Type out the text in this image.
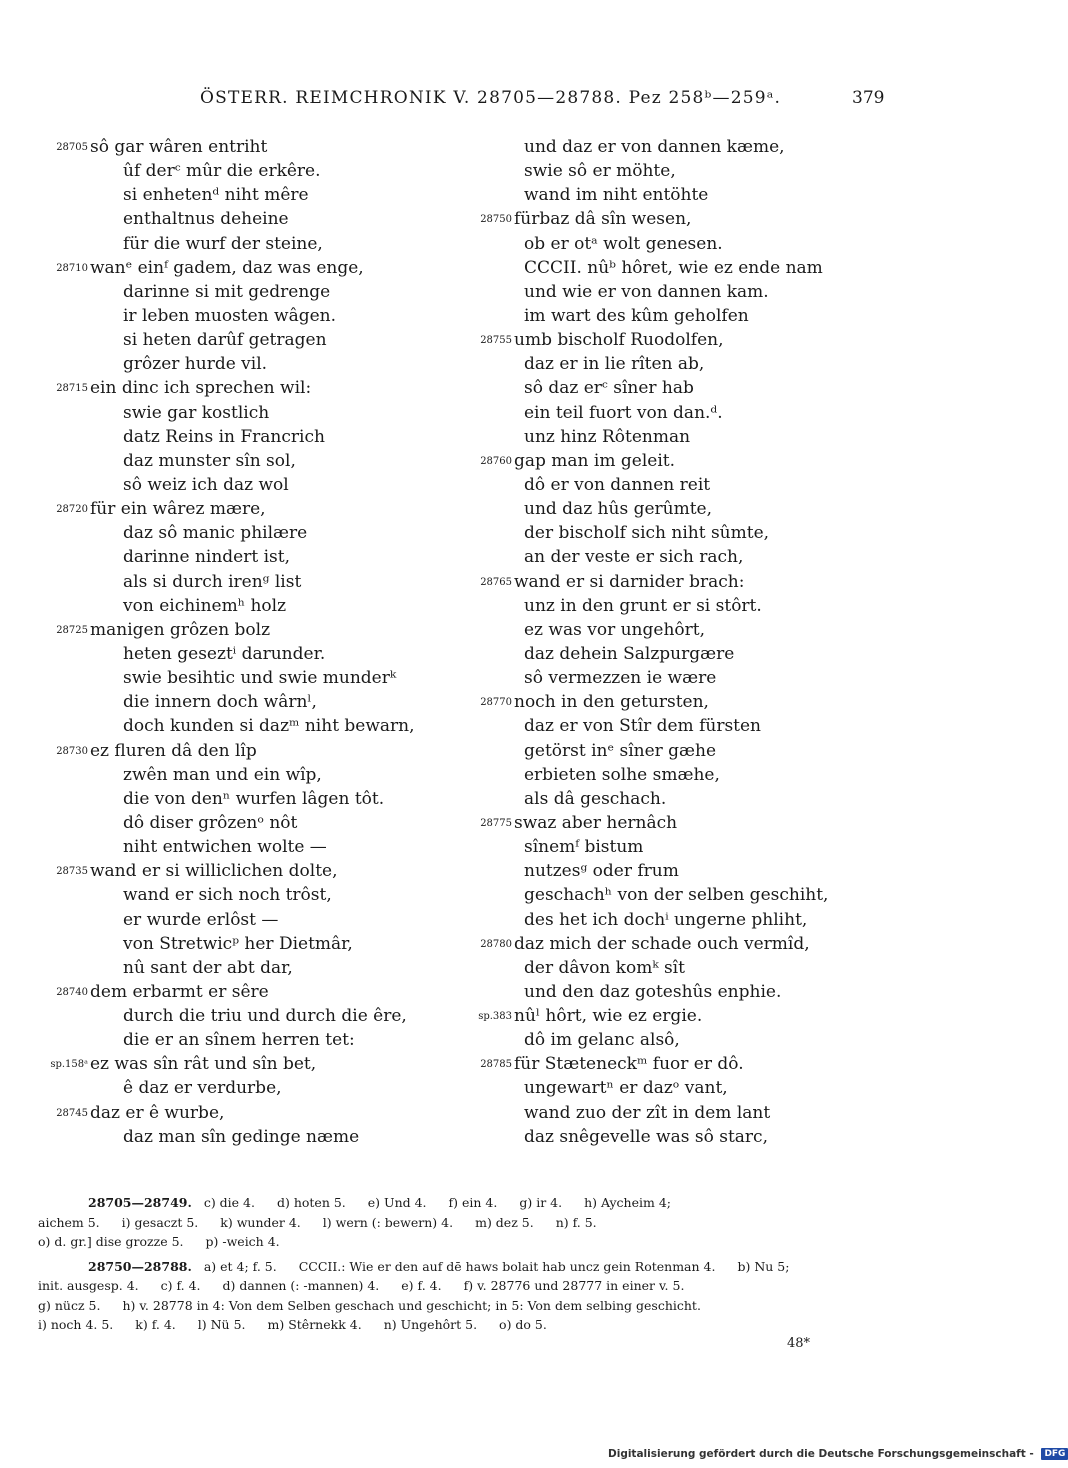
ÖSTERR. REIMCHRONIK V. 28705—28788. Pez 258ᵇ—259ᵃ.	379
28705 sô gar wâren entriht
ûf derᶜ mûr die erkêre.
si enhetenᵈ niht mêre
enthaltnus deheine
für die wurf der steine,
28710 wanᵉ einᶠ gadem, daz was enge,
darinne si mit gedrenge
ir leben muosten wâgen.
si heten darûf getragen
grôzer hurde vil.
28715 ein dinc ich sprechen wil:
swie gar kostlich
datz Reins in Francrich
daz munster sîn sol,
sô weiz ich daz wol
28720 für ein wârez mære,
daz sô manic philære
darinne nindert ist,
als si durch irenᵍ list
von eichinemʰ holz
28725 manigen grôzen bolz
heten geseztⁱ darunder.
swie besihtic und swie munderᵏ
die innern doch wârnˡ,
doch kunden si dazᵐ niht bewarn,
28730 ez fluren dâ den lîp
zwên man und ein wîp,
die von denⁿ wurfen lâgen tôt.
dô diser grôzenᵒ nôt
niht entwichen wolte —
28735 wand er si williclichen dolte,
wand er sich noch trôst,
er wurde erlôst —
von Stretwicᵖ her Dietmâr,
nû sant der abt dar,
28740 dem erbarmt er sêre
durch die triu und durch die êre,
die er an sînem herren tet:
sp.158ᵃ ez was sîn rât und sîn bet,
ê daz er verdurbe,
28745 daz er ê wurbe,
daz man sîn gedinge næme
und daz er von dannen kæme,
swie sô er möhte,
wand im niht entöhte
28750 fürbaz dâ sîn wesen,
ob er otᵃ wolt genesen.
CCCII. nûᵇ hôret, wie ez ende nam
und wie er von dannen kam.
im wart des kûm geholfen
28755 umb bischolf Ruodolfen,
daz er in lie rîten ab,
sô daz erᶜ sîner hab
ein teil fuort von dan.ᵈ.
unz hinz Rôtenman
28760 gap man im geleit.
dô er von dannen reit
und daz hûs gerûmte,
der bischolf sich niht sûmte,
an der veste er sich rach,
28765 wand er si darnider brach:
unz in den grunt er si stôrt.
ez was vor ungehôrt,
daz dehein Salzpurgære
sô vermezzen ie wære
28770 noch in den getursten,
daz er von Stîr dem fürsten
getörst inᵉ sîner gæhe
erbieten solhe smæhe,
als dâ geschach.
28775 swaz aber hernâch
sînemᶠ bistum
nutzesᵍ oder frum
geschachʰ von der selben geschiht,
des het ich dochⁱ ungerne phliht,
28780 daz mich der schade ouch vermîd,
der dâvon komᵏ sît
und den daz goteshûs enphie.
sp.383 nûˡ hôrt, wie ez ergie.
dô im gelanc alsô,
28785 für Stæteneckᵐ fuor er dô.
ungewartⁿ er dazᵒ vant,
wand zuo der zît in dem lant
daz snêgevelle was sô starc,
28705—28749. c) die 4. d) hoten 5. e) Und 4. f) ein 4. g) ir 4. h) Aycheim 4;
aichem 5. i) gesaczt 5. k) wunder 4. l) wern (: bewern) 4. m) dez 5. n) f. 5.
o) d. gr.] dise grozze 5. p) -weich 4.
28750—28788. a) et 4; f. 5. CCCII.: Wie er den auf dē haws bolait hab uncz gein Rotenman 4. b) Nu 5;
init. ausgesp. 4. c) f. 4. d) dannen (: -mannen) 4. e) f. 4. f) v. 28776 und 28777 in einer v. 5.
g) nücz 5. h) v. 28778 in 4: Von dem Selben geschach und geschicht; in 5: Von dem selbing geschicht.
i) noch 4. 5. k) f. 4. l) Nü 5. m) Stêrnekk 4. n) Ungehôrt 5. o) do 5.
48*
Digitalisierung gefördert durch die Deutsche Forschungsgemeinschaft - DFG
